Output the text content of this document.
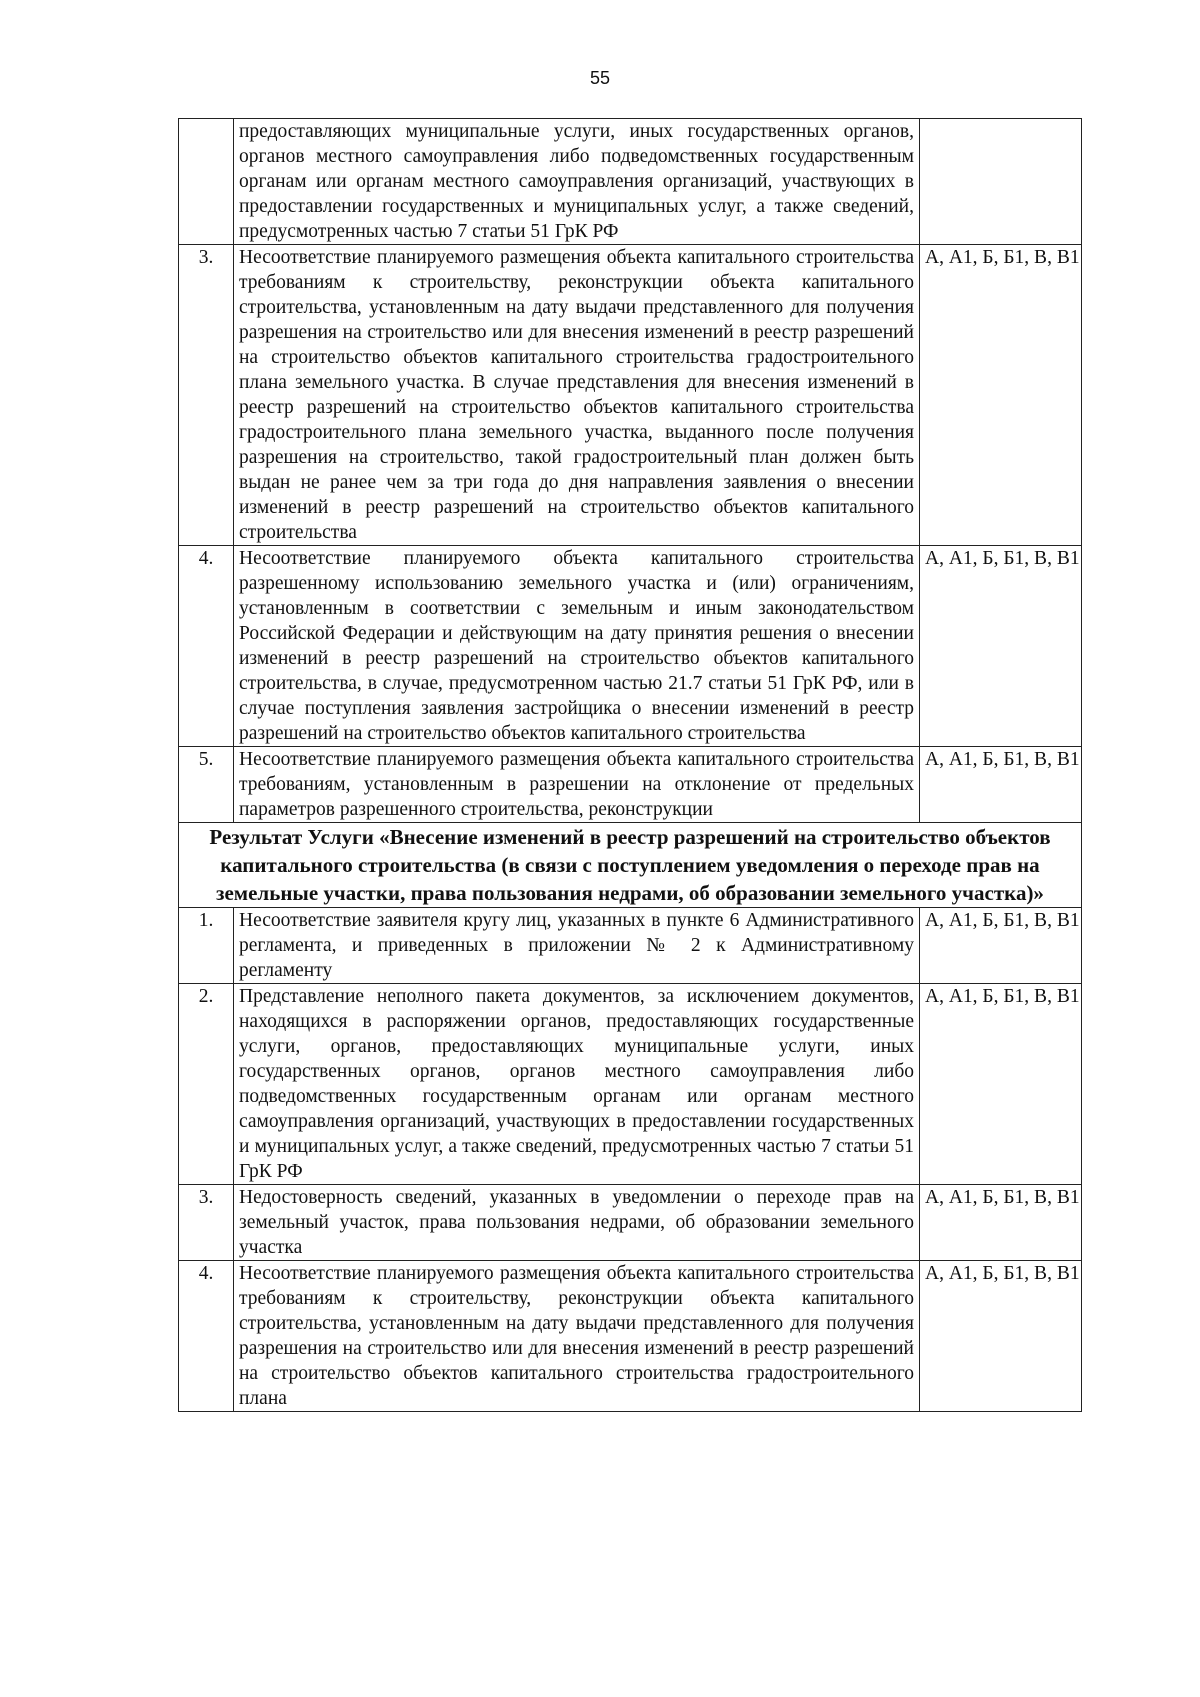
55
	предоставляющих муниципальные услуги, иных государственных органов, органов местного самоуправления либо подведомственных государственным органам или органам местного самоуправления организаций, участвующих в предоставлении государственных и муниципальных услуг, а также сведений, предусмотренных частью 7 статьи 51 ГрК РФ	
3.	Несоответствие планируемого размещения объекта капитального строительства требованиям к строительству, реконструкции объекта капитального строительства, установленным на дату выдачи представленного для получения разрешения на строительство или для внесения изменений в реестр разрешений на строительство объектов капитального строительства градостроительного плана земельного участка. В случае представления для внесения изменений в реестр разрешений на строительство объектов капитального строительства градостроительного плана земельного участка, выданного после получения разрешения на строительство, такой градостроительный план должен быть выдан не ранее чем за три года до дня направления заявления о внесении изменений в реестр разрешений на строительство объектов капитального строительства	А, А1, Б, Б1, В, В1
4.	Несоответствие планируемого объекта капитального строительства разрешенному использованию земельного участка и (или) ограничениям, установленным в соответствии с земельным и иным законодательством Российской Федерации и действующим на дату принятия решения о внесении изменений в реестр разрешений на строительство объектов капитального строительства, в случае, предусмотренном частью 21.7 статьи 51 ГрК РФ, или в случае поступления заявления застройщика о внесении изменений в реестр разрешений на строительство объектов капитального строительства	А, А1, Б, Б1, В, В1
5.	Несоответствие планируемого размещения объекта капитального строительства требованиям, установленным в разрешении на отклонение от предельных параметров разрешенного строительства, реконструкции	А, А1, Б, Б1, В, В1
Результат Услуги «Внесение изменений в реестр разрешений на строительство объектов капитального строительства (в связи с поступлением уведомления о переходе прав на земельные участки, права пользования недрами, об образовании земельного участка)»		
1.	Несоответствие заявителя кругу лиц, указанных в пункте 6 Административного регламента, и приведенных в приложении № 2 к Административному регламенту	А, А1, Б, Б1, В, В1
2.	Представление неполного пакета документов, за исключением документов, находящихся в распоряжении органов, предоставляющих государственные услуги, органов, предоставляющих муниципальные услуги, иных государственных органов, органов местного самоуправления либо подведомственных государственным органам или органам местного самоуправления организаций, участвующих в предоставлении государственных и муниципальных услуг, а также сведений, предусмотренных частью 7 статьи 51 ГрК РФ	А, А1, Б, Б1, В, В1
3.	Недостоверность сведений, указанных в уведомлении о переходе прав на земельный участок, права пользования недрами, об образовании земельного участка	А, А1, Б, Б1, В, В1
4.	Несоответствие планируемого размещения объекта капитального строительства требованиям к строительству, реконструкции объекта капитального строительства, установленным на дату выдачи представленного для получения разрешения на строительство или для внесения изменений в реестр разрешений на строительство объектов капитального строительства градостроительного плана	А, А1, Б, Б1, В, В1
